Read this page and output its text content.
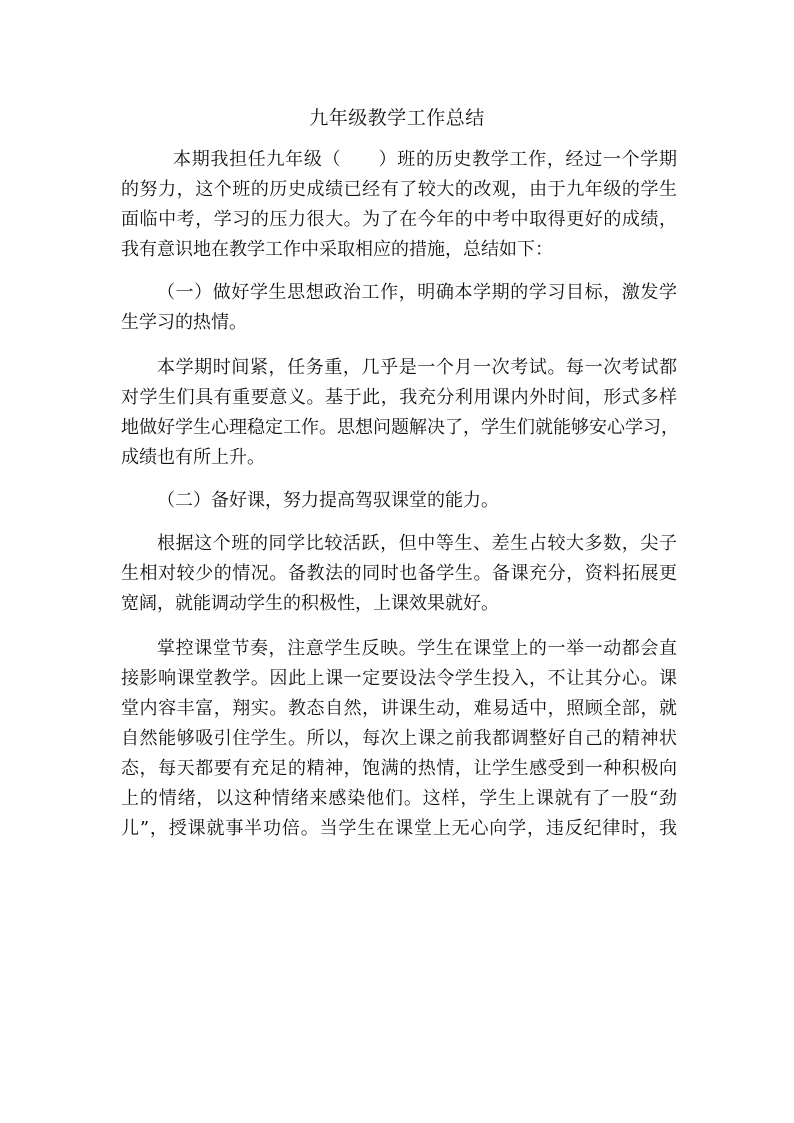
九年级教学工作总结
本期我担任九年级（　　）班的历史教学工作，经过一个学期
的努力，这个班的历史成绩已经有了较大的改观，由于九年级的学生
面临中考，学习的压力很大。为了在今年的中考中取得更好的成绩，
我有意识地在教学工作中采取相应的措施，总结如下：
（一）做好学生思想政治工作，明确本学期的学习目标，激发学
生学习的热情。
本学期时间紧，任务重，几乎是一个月一次考试。每一次考试都
对学生们具有重要意义。基于此，我充分利用课内外时间，形式多样
地做好学生心理稳定工作。思想问题解决了，学生们就能够安心学习，
成绩也有所上升。
（二）备好课，努力提高驾驭课堂的能力。
根据这个班的同学比较活跃，但中等生、差生占较大多数，尖子
生相对较少的情况。备教法的同时也备学生。备课充分，资料拓展更
宽阔，就能调动学生的积极性，上课效果就好。
掌控课堂节奏，注意学生反映。学生在课堂上的一举一动都会直
接影响课堂教学。因此上课一定要设法令学生投入，不让其分心。课
堂内容丰富，翔实。教态自然，讲课生动，难易适中，照顾全部，就
自然能够吸引住学生。所以，每次上课之前我都调整好自己的精神状
态，每天都要有充足的精神，饱满的热情，让学生感受到一种积极向
上的情绪，以这种情绪来感染他们。这样，学生上课就有了一股“劲
儿”，授课就事半功倍。当学生在课堂上无心向学，违反纪律时，我
